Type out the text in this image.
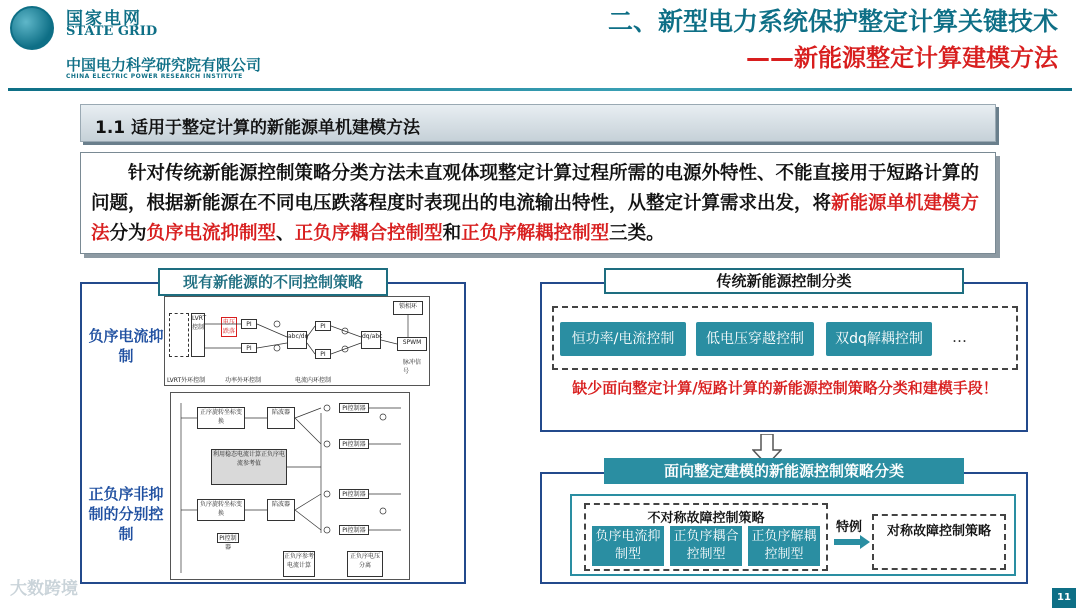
国家电网
STATE GRID
中国电力科学研究院有限公司
CHINA ELECTRIC POWER RESEARCH INSTITUTE
二、新型电力系统保护整定计算关键技术
——新能源整定计算建模方法
1.1 适用于整定计算的新能源单机建模方法

针对传统新能源控制策略分类方法未直观体现整定计算过程所需的电源外特性、不能直接用于短路计算的问题，根据新能源在不同电压跌落程度时表现出的电流输出特性，从整定计算需求出发，将新能源单机建模方法分为负序电流抑制型、正负序耦合控制型和正负序解耦控制型三类。

现有新能源的不同控制策略
负序电流抑制
正负序非抑制的分别控制
LVRT控制
电压跌落
PI
PI
PI
PI
abc/dq	dq/abc
锁相环
SPWM
LVRT外环控制	功率外环控制	电流内环控制
脉冲信号
正序旋转坐标变换
负序旋转坐标变换
陷波器
陷波器
PI控制器
PI控制器
PI控制器
PI控制器
利用稳态电流计算正负序电流参考值
正负序参考电流计算
正负序电压分离
PI控制器
传统新能源控制分类
恒功率/电流控制	低电压穿越控制	双dq解耦控制	…
缺少面向整定计算/短路计算的新能源控制策略分类和建模手段！
面向整定建模的新能源控制策略分类
不对称故障控制策略
负序电流抑制型
正负序耦合控制型
正负序解耦控制型
特例	对称故障控制策略
大数跨境	11
